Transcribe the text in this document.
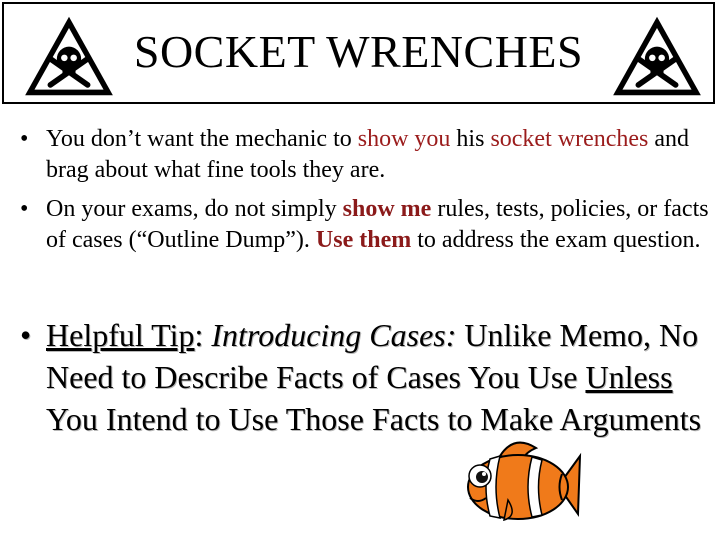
SOCKET WRENCHES
• You don’t want the mechanic to show you his socket wrenches and brag about what fine tools they are.
• On your exams, do not simply show me rules, tests, policies, or facts of cases (“Outline Dump”). Use them to address the exam question.
• Helpful Tip: Introducing Cases: Unlike Memo, No Need to Describe Facts of Cases You Use Unless You Intend to Use Those Facts to Make Arguments
